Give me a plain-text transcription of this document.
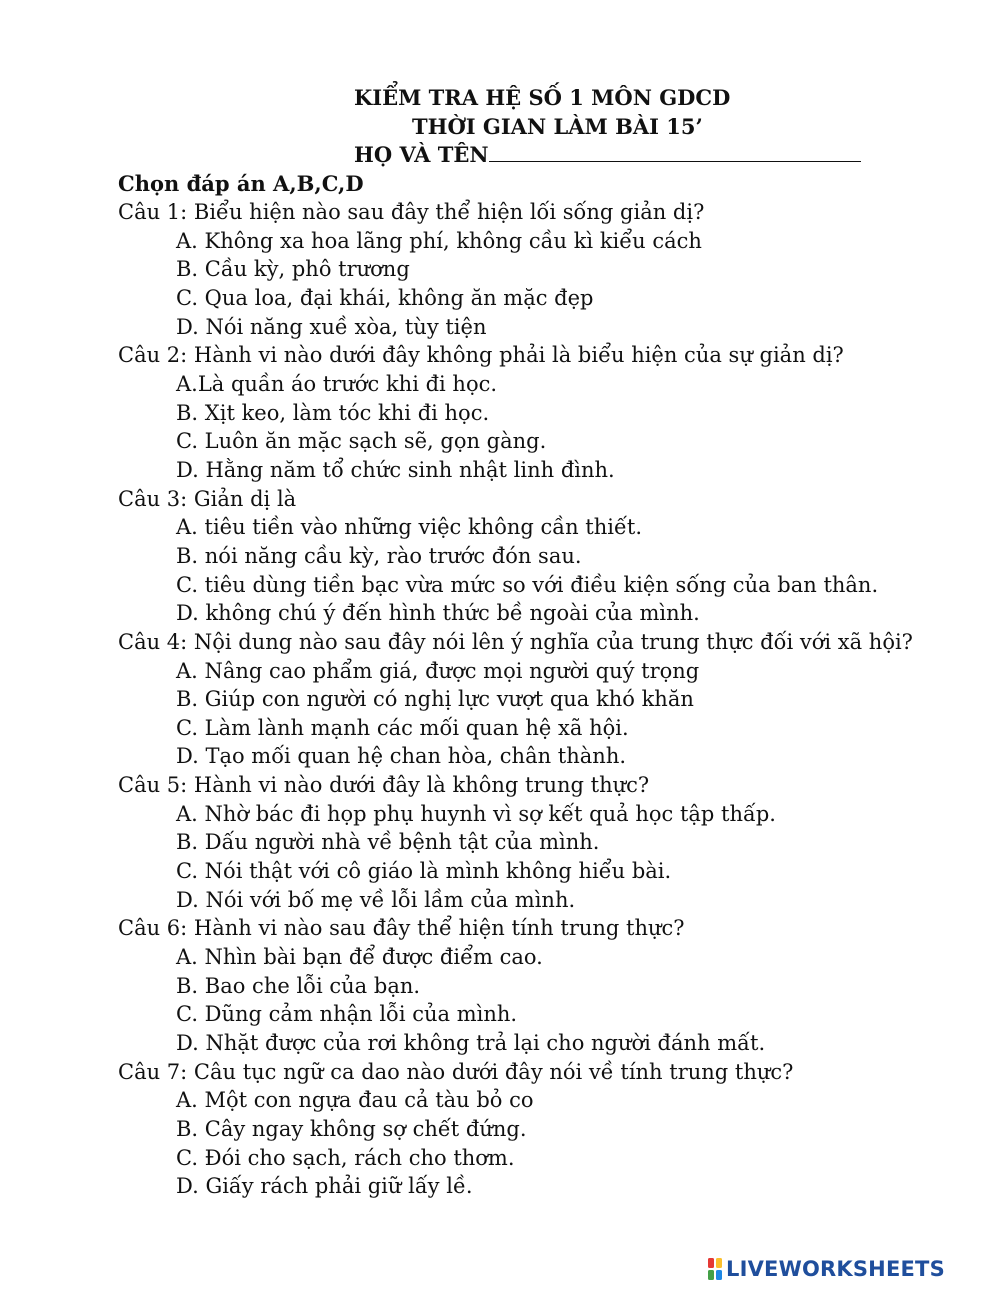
KIỂM TRA HỆ SỐ 1 MÔN GDCD
THỜI GIAN LÀM BÀI 15’
HỌ VÀ TÊN
Chọn đáp án A,B,C,D
Câu 1: Biểu hiện nào sau đây thể hiện lối sống giản dị?
A. Không xa hoa lãng phí, không cầu kì kiểu cách
B. Cầu kỳ, phô trương
C. Qua loa, đại khái, không ăn mặc đẹp
D. Nói năng xuề xòa, tùy tiện
Câu 2: Hành vi nào dưới đây không phải là biểu hiện của sự giản dị?
A.Là quần áo trước khi đi học.
B. Xịt keo, làm tóc khi đi học.
C. Luôn ăn mặc sạch sẽ, gọn gàng.
D. Hằng năm tổ chức sinh nhật linh đình.
Câu 3: Giản dị là
A. tiêu tiền vào những việc không cần thiết.
B. nói năng cầu kỳ, rào trước đón sau.
C. tiêu dùng tiền bạc vừa mức so với điều kiện sống của ban thân.
D. không chú ý đến hình thức bề ngoài của mình.
Câu 4: Nội dung nào sau đây nói lên ý nghĩa của trung thực đối với xã hội?
A. Nâng cao phẩm giá, được mọi người quý trọng
B. Giúp con người có nghị lực vượt qua khó khăn
C. Làm lành mạnh các mối quan hệ xã hội.
D. Tạo mối quan hệ chan hòa, chân thành.
Câu 5: Hành vi nào dưới đây là không trung thực?
A. Nhờ bác đi họp phụ huynh vì sợ kết quả học tập thấp.
B. Dấu người nhà về bệnh tật của mình.
C. Nói thật với cô giáo là mình không hiểu bài.
D. Nói với bố mẹ về lỗi lầm của mình.
Câu 6: Hành vi nào sau đây thể hiện tính trung thực?
A. Nhìn bài bạn để được điểm cao.
B. Bao che lỗi của bạn.
C. Dũng cảm nhận lỗi của mình.
D. Nhặt được của rơi không trả lại cho người đánh mất.
Câu 7: Câu tục ngữ ca dao nào dưới đây nói về tính trung thực?
A. Một con ngựa đau cả tàu bỏ co
B. Cây ngay không sợ chết đứng.
C. Đói cho sạch, rách cho thơm.
D. Giấy rách phải giữ lấy lề.
LIVEWORKSHEETS
